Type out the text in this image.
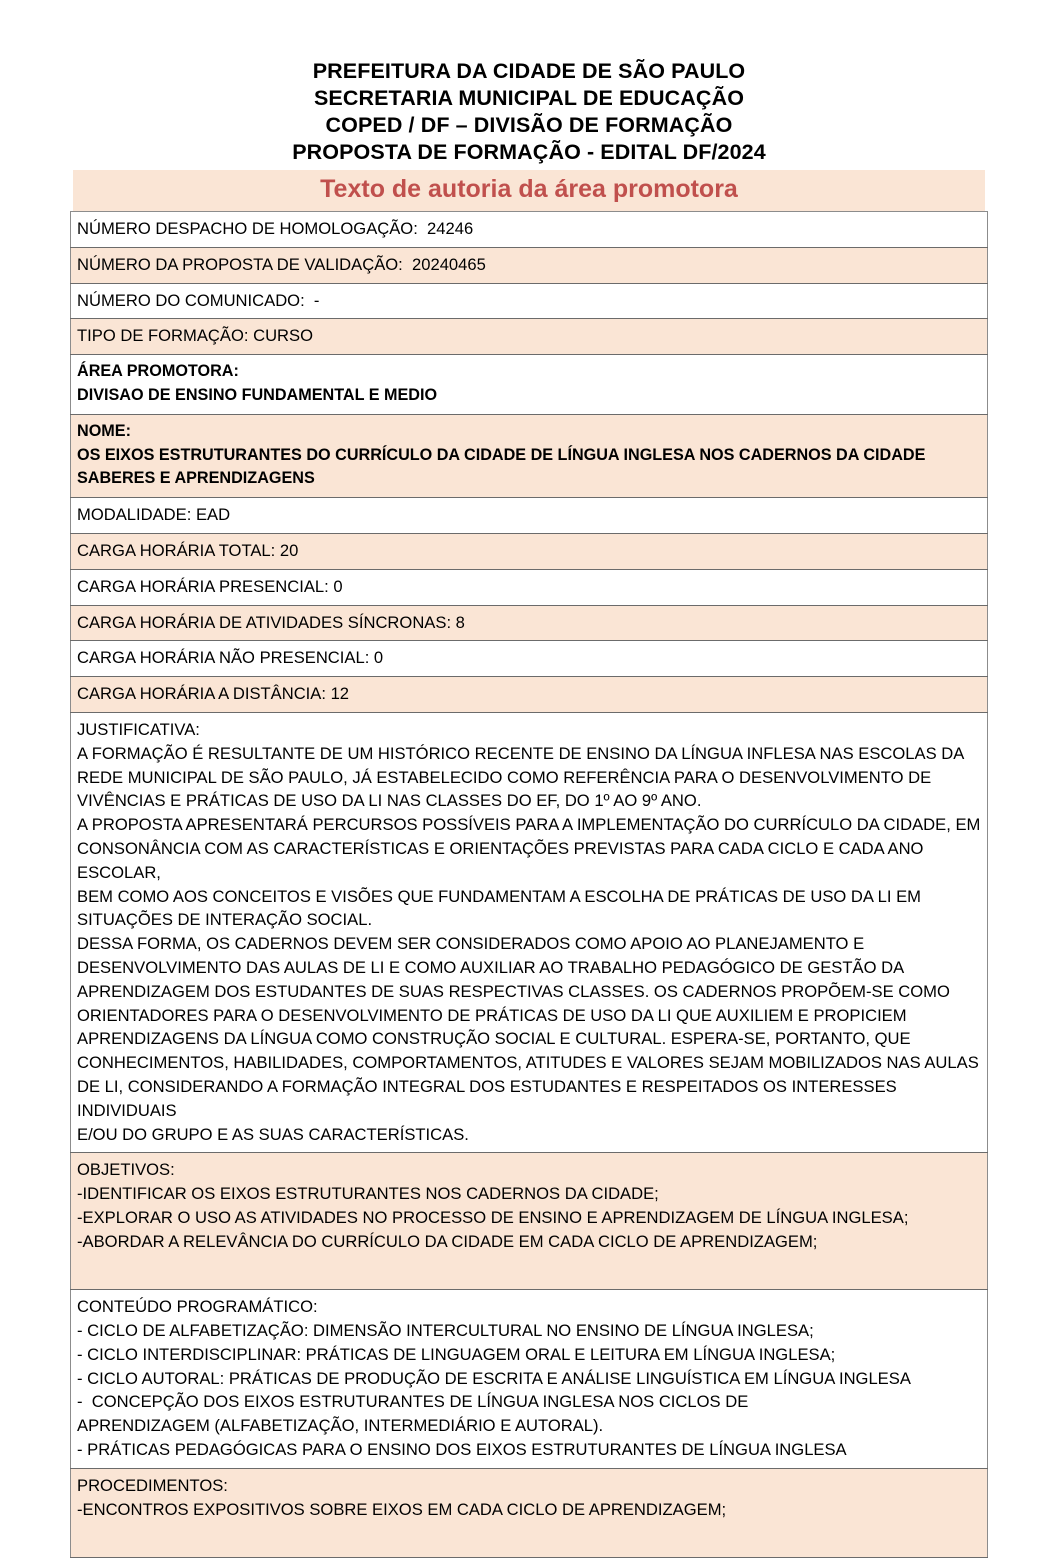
PREFEITURA DA CIDADE DE SÃO PAULO
SECRETARIA MUNICIPAL DE EDUCAÇÃO
COPED / DF – DIVISÃO DE FORMAÇÃO
PROPOSTA DE FORMAÇÃO - EDITAL DF/2024
Texto de autoria da área promotora
NÚMERO DESPACHO DE HOMOLOGAÇÃO:  24246

NÚMERO DA PROPOSTA DE VALIDAÇÃO:  20240465

NÚMERO DO COMUNICADO:  -

TIPO DE FORMAÇÃO: CURSO

ÁREA PROMOTORA:
DIVISAO DE ENSINO FUNDAMENTAL E MEDIO

NOME:
OS EIXOS ESTRUTURANTES DO CURRÍCULO DA CIDADE DE LÍNGUA INGLESA NOS CADERNOS DA CIDADE
SABERES E APRENDIZAGENS

MODALIDADE: EAD

CARGA HORÁRIA TOTAL: 20

CARGA HORÁRIA PRESENCIAL: 0

CARGA HORÁRIA DE ATIVIDADES SÍNCRONAS: 8

CARGA HORÁRIA NÃO PRESENCIAL: 0

CARGA HORÁRIA A DISTÂNCIA: 12

JUSTIFICATIVA:
A FORMAÇÃO É RESULTANTE DE UM HISTÓRICO RECENTE DE ENSINO DA LÍNGUA INFLESA NAS ESCOLAS DA
REDE MUNICIPAL DE SÃO PAULO, JÁ ESTABELECIDO COMO REFERÊNCIA PARA O DESENVOLVIMENTO DE
VIVÊNCIAS E PRÁTICAS DE USO DA LI NAS CLASSES DO EF, DO 1º AO 9º ANO.
A PROPOSTA APRESENTARÁ PERCURSOS POSSÍVEIS PARA A IMPLEMENTAÇÃO DO CURRÍCULO DA CIDADE, EM
CONSONÂNCIA COM AS CARACTERÍSTICAS E ORIENTAÇÕES PREVISTAS PARA CADA CICLO E CADA ANO ESCOLAR,
BEM COMO AOS CONCEITOS E VISÕES QUE FUNDAMENTAM A ESCOLHA DE PRÁTICAS DE USO DA LI EM
SITUAÇÕES DE INTERAÇÃO SOCIAL.
DESSA FORMA, OS CADERNOS DEVEM SER CONSIDERADOS COMO APOIO AO PLANEJAMENTO E
DESENVOLVIMENTO DAS AULAS DE LI E COMO AUXILIAR AO TRABALHO PEDAGÓGICO DE GESTÃO DA
APRENDIZAGEM DOS ESTUDANTES DE SUAS RESPECTIVAS CLASSES. OS CADERNOS PROPÕEM-SE COMO
ORIENTADORES PARA O DESENVOLVIMENTO DE PRÁTICAS DE USO DA LI QUE AUXILIEM E PROPICIEM
APRENDIZAGENS DA LÍNGUA COMO CONSTRUÇÃO SOCIAL E CULTURAL. ESPERA-SE, PORTANTO, QUE
CONHECIMENTOS, HABILIDADES, COMPORTAMENTOS, ATITUDES E VALORES SEJAM MOBILIZADOS NAS AULAS
DE LI, CONSIDERANDO A FORMAÇÃO INTEGRAL DOS ESTUDANTES E RESPEITADOS OS INTERESSES INDIVIDUAIS
E/OU DO GRUPO E AS SUAS CARACTERÍSTICAS.

OBJETIVOS:
-IDENTIFICAR OS EIXOS ESTRUTURANTES NOS CADERNOS DA CIDADE;
-EXPLORAR O USO AS ATIVIDADES NO PROCESSO DE ENSINO E APRENDIZAGEM DE LÍNGUA INGLESA;
-ABORDAR A RELEVÂNCIA DO CURRÍCULO DA CIDADE EM CADA CICLO DE APRENDIZAGEM;

CONTEÚDO PROGRAMÁTICO:
- CICLO DE ALFABETIZAÇÃO: DIMENSÃO INTERCULTURAL NO ENSINO DE LÍNGUA INGLESA;
- CICLO INTERDISCIPLINAR: PRÁTICAS DE LINGUAGEM ORAL E LEITURA EM LÍNGUA INGLESA;
- CICLO AUTORAL: PRÁTICAS DE PRODUÇÃO DE ESCRITA E ANÁLISE LINGUÍSTICA EM LÍNGUA INGLESA
-  CONCEPÇÃO DOS EIXOS ESTRUTURANTES DE LÍNGUA INGLESA NOS CICLOS DE
APRENDIZAGEM (ALFABETIZAÇÃO, INTERMEDIÁRIO E AUTORAL).
- PRÁTICAS PEDAGÓGICAS PARA O ENSINO DOS EIXOS ESTRUTURANTES DE LÍNGUA INGLESA

PROCEDIMENTOS:
-ENCONTROS EXPOSITIVOS SOBRE EIXOS EM CADA CICLO DE APRENDIZAGEM;
